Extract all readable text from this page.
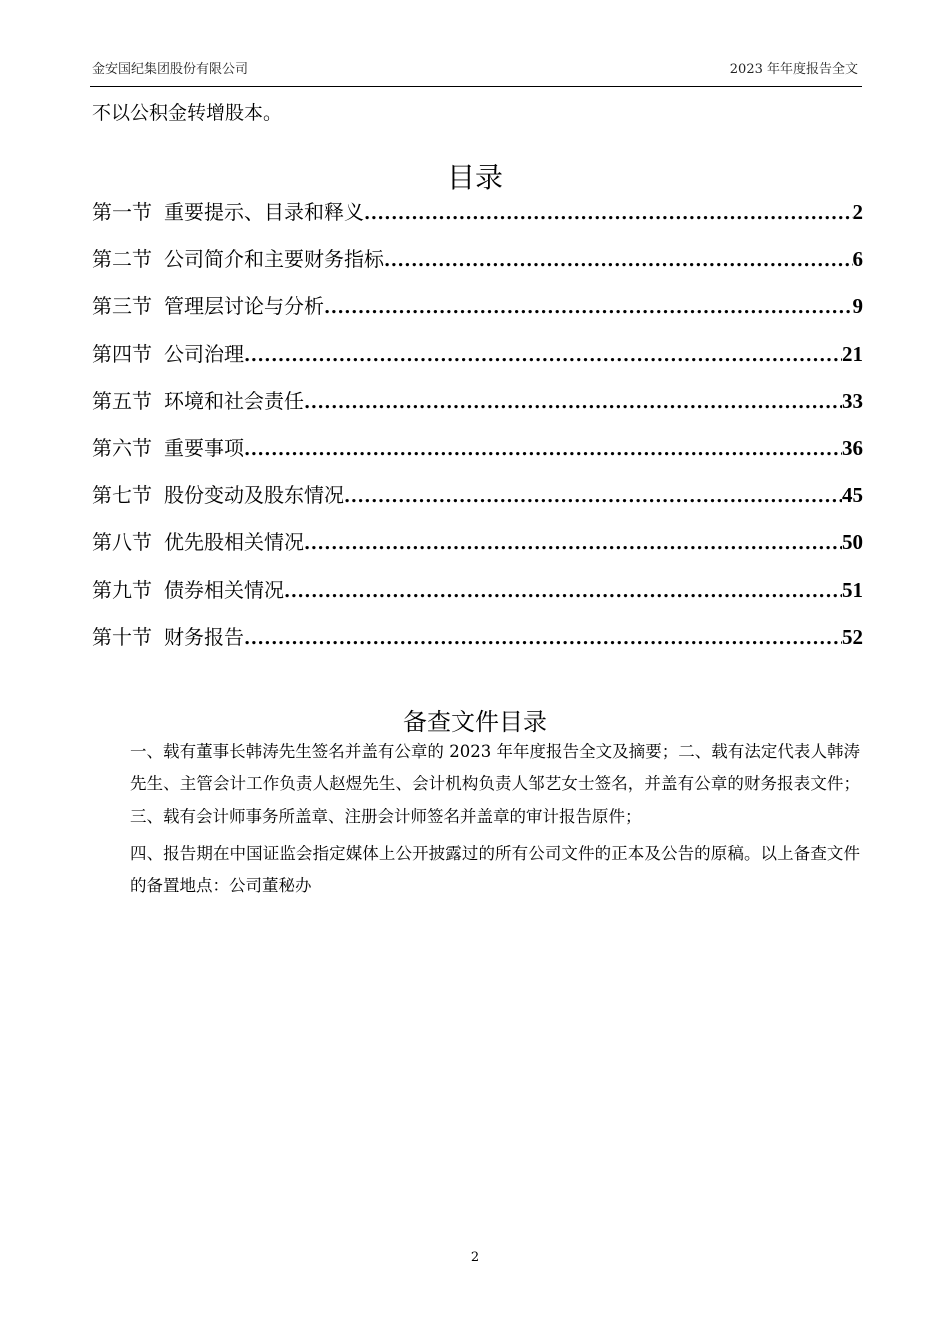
金安国纪集团股份有限公司	2023 年年度报告全文
不以公积金转增股本。
目录
第一节 重要提示、目录和释义 .....	2
第二节 公司简介和主要财务指标 .....	6
第三节 管理层讨论与分析 .....	9
第四节 公司治理 .....	21
第五节 环境和社会责任 .....	33
第六节 重要事项 .....	36
第七节 股份变动及股东情况 .....	45
第八节 优先股相关情况 .....	50
第九节 债券相关情况 .....	51
第十节 财务报告 .....	52
备查文件目录

一、载有董事长韩涛先生签名并盖有公章的 2023 年年度报告全文及摘要；二、载有法定代表人韩涛先生、主管会计工作负责人赵煜先生、会计机构负责人邹艺女士签名，并盖有公章的财务报表文件；三、载有会计师事务所盖章、注册会计师签名并盖章的审计报告原件；

四、报告期在中国证监会指定媒体上公开披露过的所有公司文件的正本及公告的原稿。以上备查文件的备置地点：公司董秘办

2
